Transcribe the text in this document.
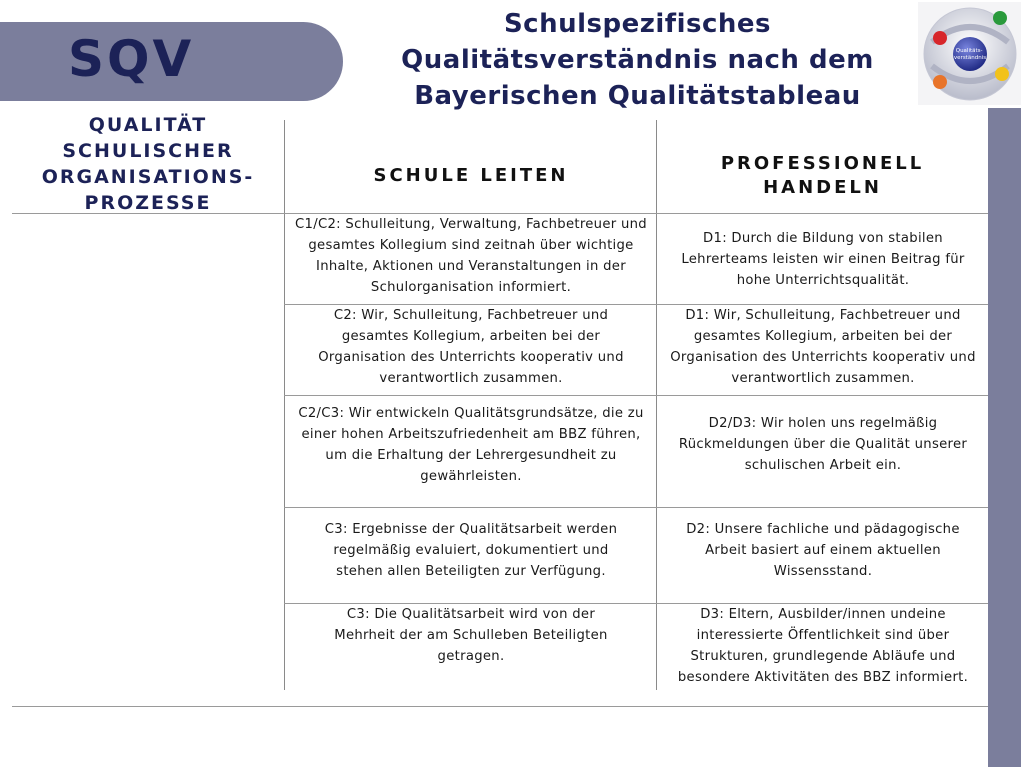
SQV
Schulspezifisches
Qualitätsverständnis nach dem
Bayerischen Qualitätstableau
Qualitäts- verständnis
QUALITÄT
SCHULISCHER
ORGANISATIONS-
PROZESSE
SCHULE LEITEN
PROFESSIONELL
HANDELN
C1/C2: Schulleitung, Verwaltung, Fachbetreuer und gesamtes Kollegium sind zeitnah über wichtige Inhalte, Aktionen und Veranstaltungen in der Schulorganisation informiert.
D1: Durch die Bildung von stabilen Lehrerteams leisten wir einen Beitrag für hohe Unterrichtsqualität.
C2: Wir, Schulleitung, Fachbetreuer und gesamtes Kollegium, arbeiten bei der Organisation des Unterrichts kooperativ und verantwortlich zusammen.
D1: Wir, Schulleitung, Fachbetreuer und gesamtes Kollegium, arbeiten bei der Organisation des Unterrichts kooperativ und verantwortlich zusammen.
C2/C3: Wir entwickeln Qualitätsgrundsätze, die zu einer hohen Arbeitszufriedenheit am BBZ führen, um die Erhaltung der Lehrergesundheit zu gewährleisten.
D2/D3: Wir holen uns regelmäßig Rückmeldungen über die Qualität unserer schulischen Arbeit ein.
C3: Ergebnisse der Qualitätsarbeit werden regelmäßig evaluiert, dokumentiert und stehen allen Beteiligten zur Verfügung.
D2: Unsere fachliche und pädagogische Arbeit basiert auf einem aktuellen Wissensstand.
C3: Die Qualitätsarbeit wird von der Mehrheit der am Schulleben Beteiligten getragen.
D3: Eltern, Ausbilder/innen undeine interessierte Öffentlichkeit sind über Strukturen, grundlegende Abläufe und besondere Aktivitäten des BBZ informiert.
